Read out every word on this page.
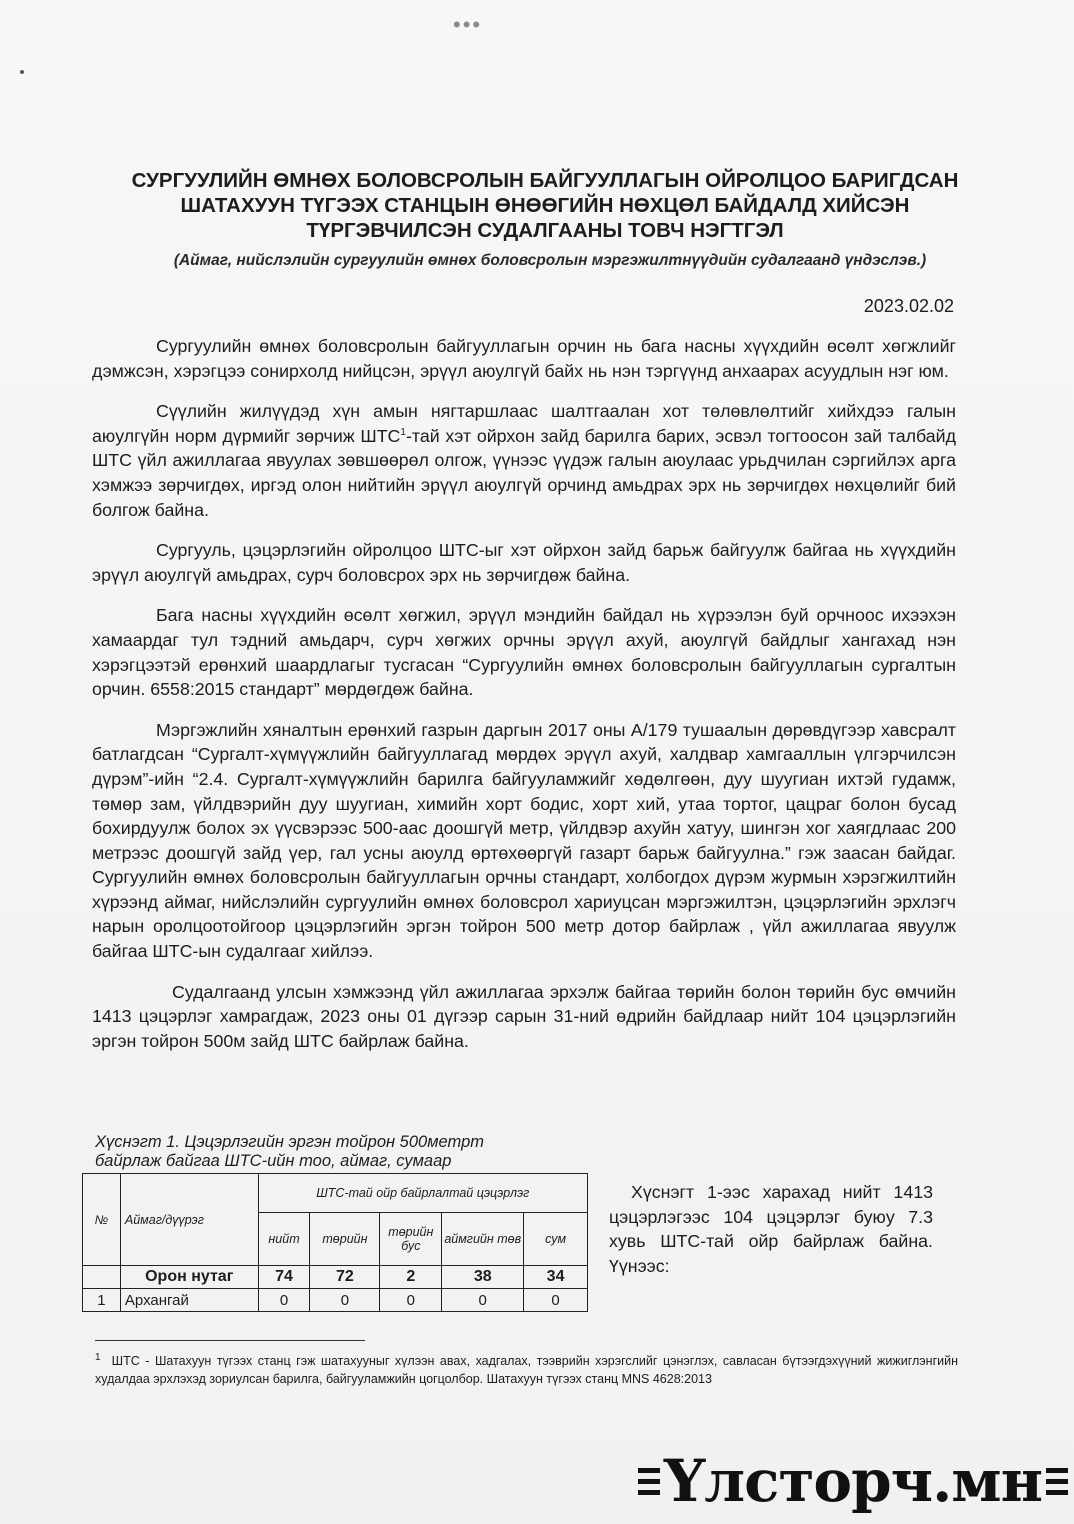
•••
СУРГУУЛИЙН ӨМНӨХ БОЛОВСРОЛЫН БАЙГУУЛЛАГЫН ОЙРОЛЦОО БАРИГДСАН
ШАТАХУУН ТҮГЭЭХ СТАНЦЫН ӨНӨӨГИЙН НӨХЦӨЛ БАЙДАЛД ХИЙСЭН
ТҮРГЭВЧИЛСЭН СУДАЛГААНЫ ТОВЧ НЭГТГЭЛ
(Аймаг, нийслэлийн сургуулийн өмнөх боловсролын мэргэжилтнүүдийн судалгаанд үндэслэв.)
2023.02.02

Сургуулийн өмнөх боловсролын байгууллагын орчин нь бага насны хүүхдийн өсөлт хөгжлийг дэмжсэн, хэрэгцээ сонирхолд нийцсэн, эрүүл аюулгүй байх нь нэн тэргүүнд анхаарах асуудлын нэг юм.

Сүүлийн жилүүдэд хүн амын нягтаршлаас шалтгаалан хот төлөвлөлтийг хийхдээ галын аюулгүйн норм дүрмийг зөрчиж ШТС$^1$-тай хэт ойрхон зайд барилга барих, эсвэл тогтоосон зай талбайд ШТС үйл ажиллагаа явуулах зөвшөөрөл олгож, үүнээс үүдэж галын аюулаас урьдчилан сэргийлэх арга хэмжээ зөрчигдөх, иргэд олон нийтийн эрүүл аюулгүй орчинд амьдрах эрх нь зөрчигдөх нөхцөлийг бий болгож байна.

Сургууль, цэцэрлэгийн ойролцоо ШТС-ыг хэт ойрхон зайд барьж байгуулж байгаа нь хүүхдийн эрүүл аюулгүй амьдрах, сурч боловсрох эрх нь зөрчигдөж байна.

Бага насны хүүхдийн өсөлт хөгжил, эрүүл мэндийн байдал нь хүрээлэн буй орчноос ихээхэн хамаардаг тул тэдний амьдарч, сурч хөгжих орчны эрүүл ахуй, аюулгүй байдлыг хангахад нэн хэрэгцээтэй ерөнхий шаардлагыг тусгасан “Сургуулийн өмнөх боловсролын байгууллагын сургалтын орчин. 6558:2015 стандарт” мөрдөгдөж байна.

Мэргэжлийн хяналтын ерөнхий газрын даргын 2017 оны А/179 тушаалын дөрөвдүгээр хавсралт батлагдсан “Сургалт-хүмүүжлийн байгууллагад мөрдөх эрүүл ахуй, халдвар хамгааллын үлгэрчилсэн дүрэм”-ийн “2.4. Сургалт-хүмүүжлийн барилга байгууламжийг хөдөлгөөн, дуу шуугиан ихтэй гудамж, төмөр зам, үйлдвэрийн дуу шуугиан, химийн хорт бодис, хорт хий, утаа тортог, цацраг болон бусад бохирдуулж болох эх үүсвэрээс 500-аас доошгүй метр, үйлдвэр ахуйн хатуу, шингэн хог хаягдлаас 200 метрээс доошгүй зайд үер, гал усны аюулд өртөхөөргүй газарт барьж байгуулна.” гэж заасан байдаг. Сургуулийн өмнөх боловсролын байгууллагын орчны стандарт, холбогдох дүрэм журмын хэрэгжилтийн хүрээнд аймаг, нийслэлийн сургуулийн өмнөх боловсрол хариуцсан мэргэжилтэн, цэцэрлэгийн эрхлэгч нарын оролцоотойгоор цэцэрлэгийн эргэн тойрон 500 метр дотор байрлаж , үйл ажиллагаа явуулж байгаа ШТС-ын судалгааг хийлээ.

Судалгаанд улсын хэмжээнд үйл ажиллагаа эрхэлж байгаа төрийн болон төрийн бус өмчийн 1413 цэцэрлэг хамрагдаж, 2023 оны 01 дүгээр сарын 31-ний өдрийн байдлаар нийт 104 цэцэрлэгийн эргэн тойрон 500м зайд ШТС байрлаж байна.

Хүснэгт 1. Цэцэрлэгийн эргэн тойрон 500метрт
байрлаж байгаа ШТС-ийн тоо, аймаг, сумаар
№	Аймаг/дүүрэг	ШТС-тай ойр байрлалтай цэцэрлэг				
		нийт	төрийн	төрийн бус	аймгийн төв	сум
	Орон нутаг	74	72	2	38	34
1	Архангай	0	0	0	0	0
Хүснэгт 1-ээс харахад нийт 1413 цэцэрлэгээс 104 цэцэрлэг буюу 7.3 хувь ШТС-тай ойр байрлаж байна. Үүнээс:
$^1$ ШТС - Шатахуун түгээх станц гэж шатахууныг хүлээн авах, хадгалах, тээврийн хэрэгслийг цэнэглэх, савласан бүтээгдэхүүний жижиглэнгийн худалдаа эрхлэхэд зориулсан барилга, байгууламжийн цогцолбор. Шатахуун түгээх станц MNS 4628:2013
Үлсторч.мн
